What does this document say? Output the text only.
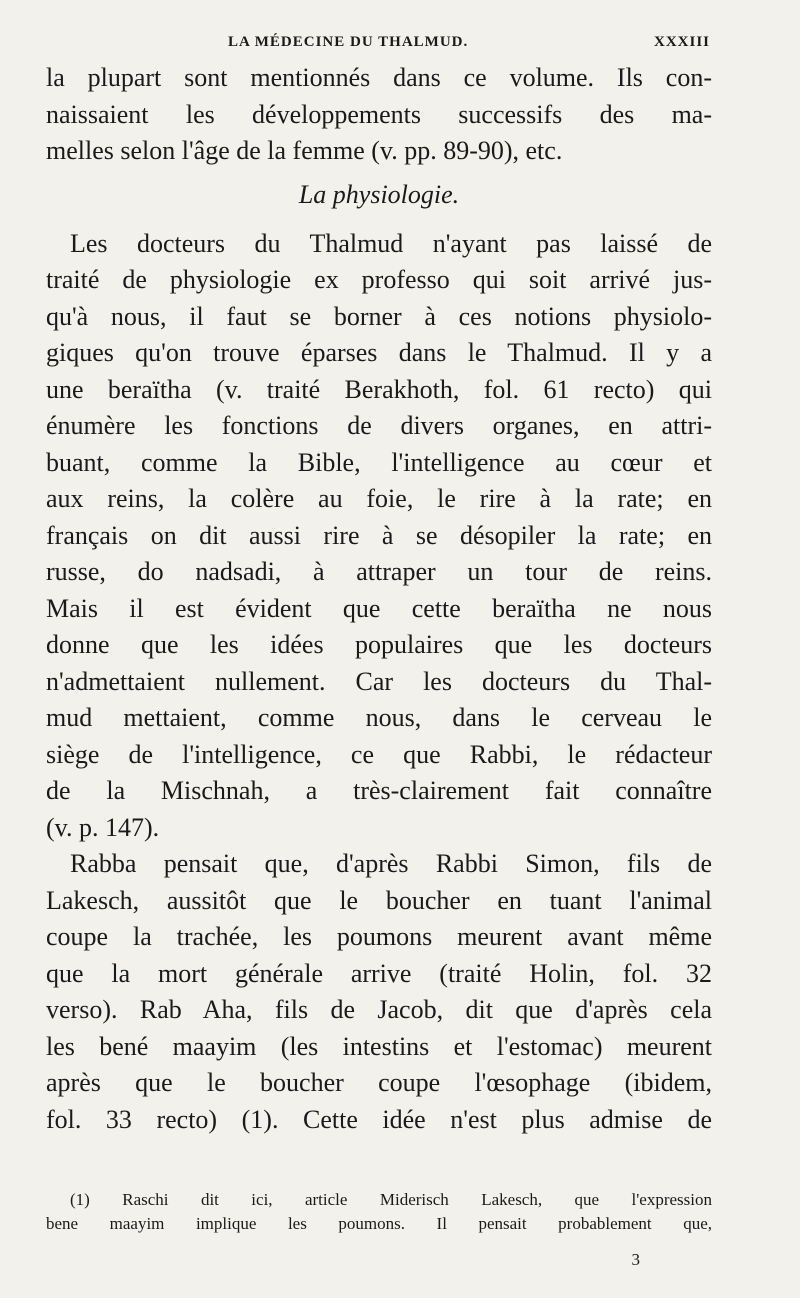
LA MÉDECINE DU THALMUD.	XXXIII
la plupart sont mentionnés dans ce volume. Ils con-
naissaient les développements successifs des ma-
melles selon l'âge de la femme (v. pp. 89-90), etc.
La physiologie.
Les docteurs du Thalmud n'ayant pas laissé de
traité de physiologie ex professo qui soit arrivé jus-
qu'à nous, il faut se borner à ces notions physiolo-
giques qu'on trouve éparses dans le Thalmud. Il y a
une beraïtha (v. traité Berakhoth, fol. 61 recto) qui
énumère les fonctions de divers organes, en attri-
buant, comme la Bible, l'intelligence au cœur et
aux reins, la colère au foie, le rire à la rate; en
français on dit aussi rire à se désopiler la rate; en
russe, do nadsadi, à attraper un tour de reins.
Mais il est évident que cette beraïtha ne nous
donne que les idées populaires que les docteurs
n'admettaient nullement. Car les docteurs du Thal-
mud mettaient, comme nous, dans le cerveau le
siège de l'intelligence, ce que Rabbi, le rédacteur
de la Mischnah, a très-clairement fait connaître
(v. p. 147).
Rabba pensait que, d'après Rabbi Simon, fils de
Lakesch, aussitôt que le boucher en tuant l'animal
coupe la trachée, les poumons meurent avant même
que la mort générale arrive (traité Holin, fol. 32
verso). Rab Aha, fils de Jacob, dit que d'après cela
les bené maayim (les intestins et l'estomac) meurent
après que le boucher coupe l'œsophage (ibidem,
fol. 33 recto) (1). Cette idée n'est plus admise de
(1) Raschi dit ici, article Miderisch Lakesch, que l'expression
bene maayim implique les poumons. Il pensait probablement que,
3
